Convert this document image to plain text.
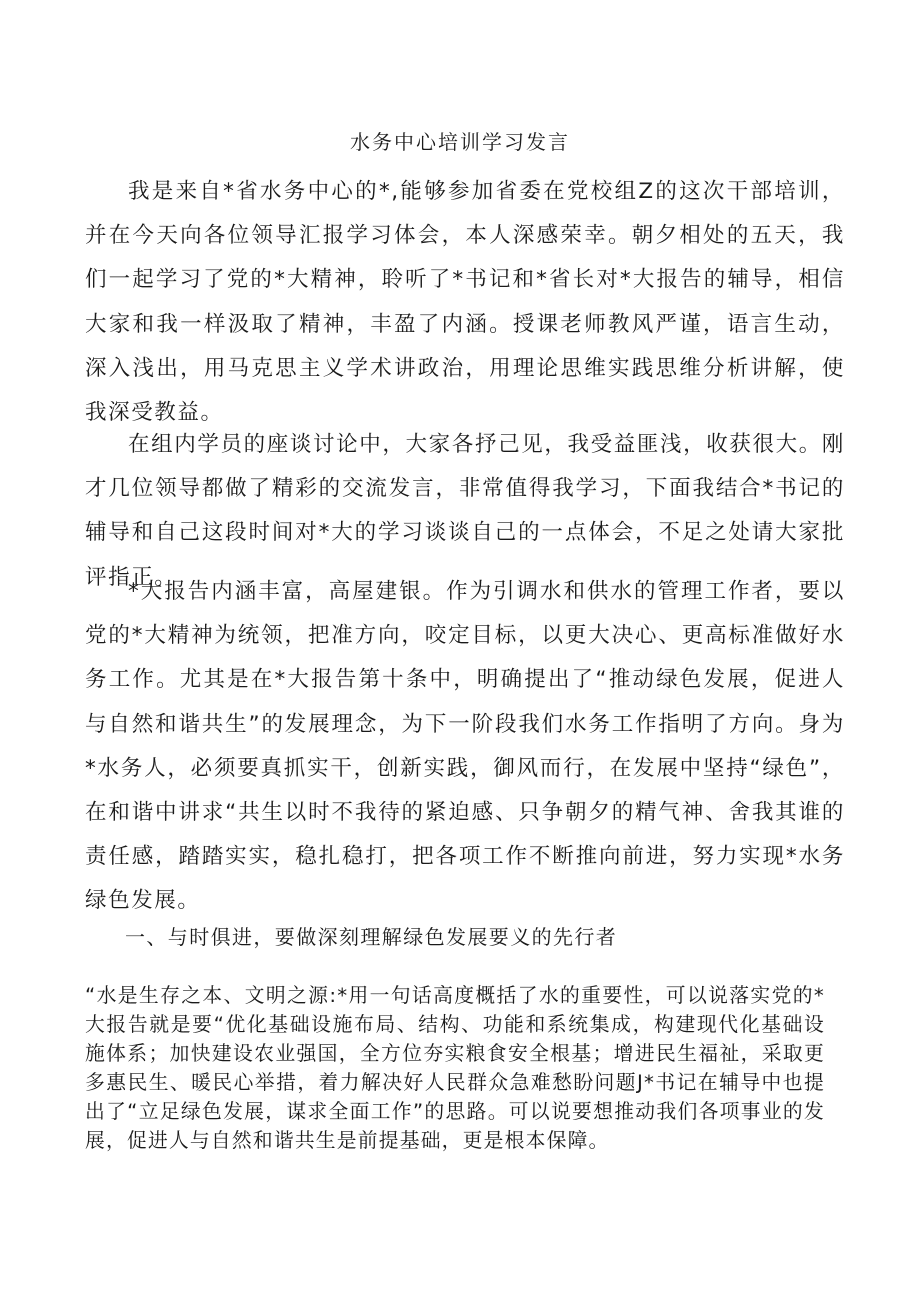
水务中心培训学习发言

我是来自*省水务中心的*,能够参加省委在党校组Z的这次干部培训，并在今天向各位领导汇报学习体会，本人深感荣幸。朝夕相处的五天，我们一起学习了党的*大精神，聆听了*书记和*省长对*大报告的辅导，相信大家和我一样汲取了精神，丰盈了内涵。授课老师教风严谨，语言生动，深入浅出，用马克思主义学术讲政治，用理论思维实践思维分析讲解，使我深受教益。

在组内学员的座谈讨论中，大家各抒己见，我受益匪浅，收获很大。刚才几位领导都做了精彩的交流发言，非常值得我学习，下面我结合*书记的辅导和自己这段时间对*大的学习谈谈自己的一点体会，不足之处请大家批评指正。

*大报告内涵丰富，高屋建银。作为引调水和供水的管理工作者，要以党的*大精神为统领，把准方向，咬定目标，以更大决心、更高标准做好水务工作。尤其是在*大报告第十条中，明确提出了“推动绿色发展，促进人与自然和谐共生”的发展理念，为下一阶段我们水务工作指明了方向。身为*水务人，必须要真抓实干，创新实践，御风而行，在发展中坚持“绿色”，在和谐中讲求“共生以时不我待的紧迫感、只争朝夕的精气神、舍我其谁的责任感，踏踏实实，稳扎稳打，把各项工作不断推向前进，努力实现*水务绿色发展。

一、与时俱进，要做深刻理解绿色发展要义的先行者

“水是生存之本、文明之源:*用一句话高度概括了水的重要性，可以说落实党的*大报告就是要“优化基础设施布局、结构、功能和系统集成，构建现代化基础设施体系；加快建设农业强国，全方位夯实粮食安全根基；增进民生福祉，采取更多惠民生、暖民心举措，着力解决好人民群众急难愁盼问题J*书记在辅导中也提出了“立足绿色发展，谋求全面工作”的思路。可以说要想推动我们各项事业的发展，促进人与自然和谐共生是前提基础，更是根本保障。
